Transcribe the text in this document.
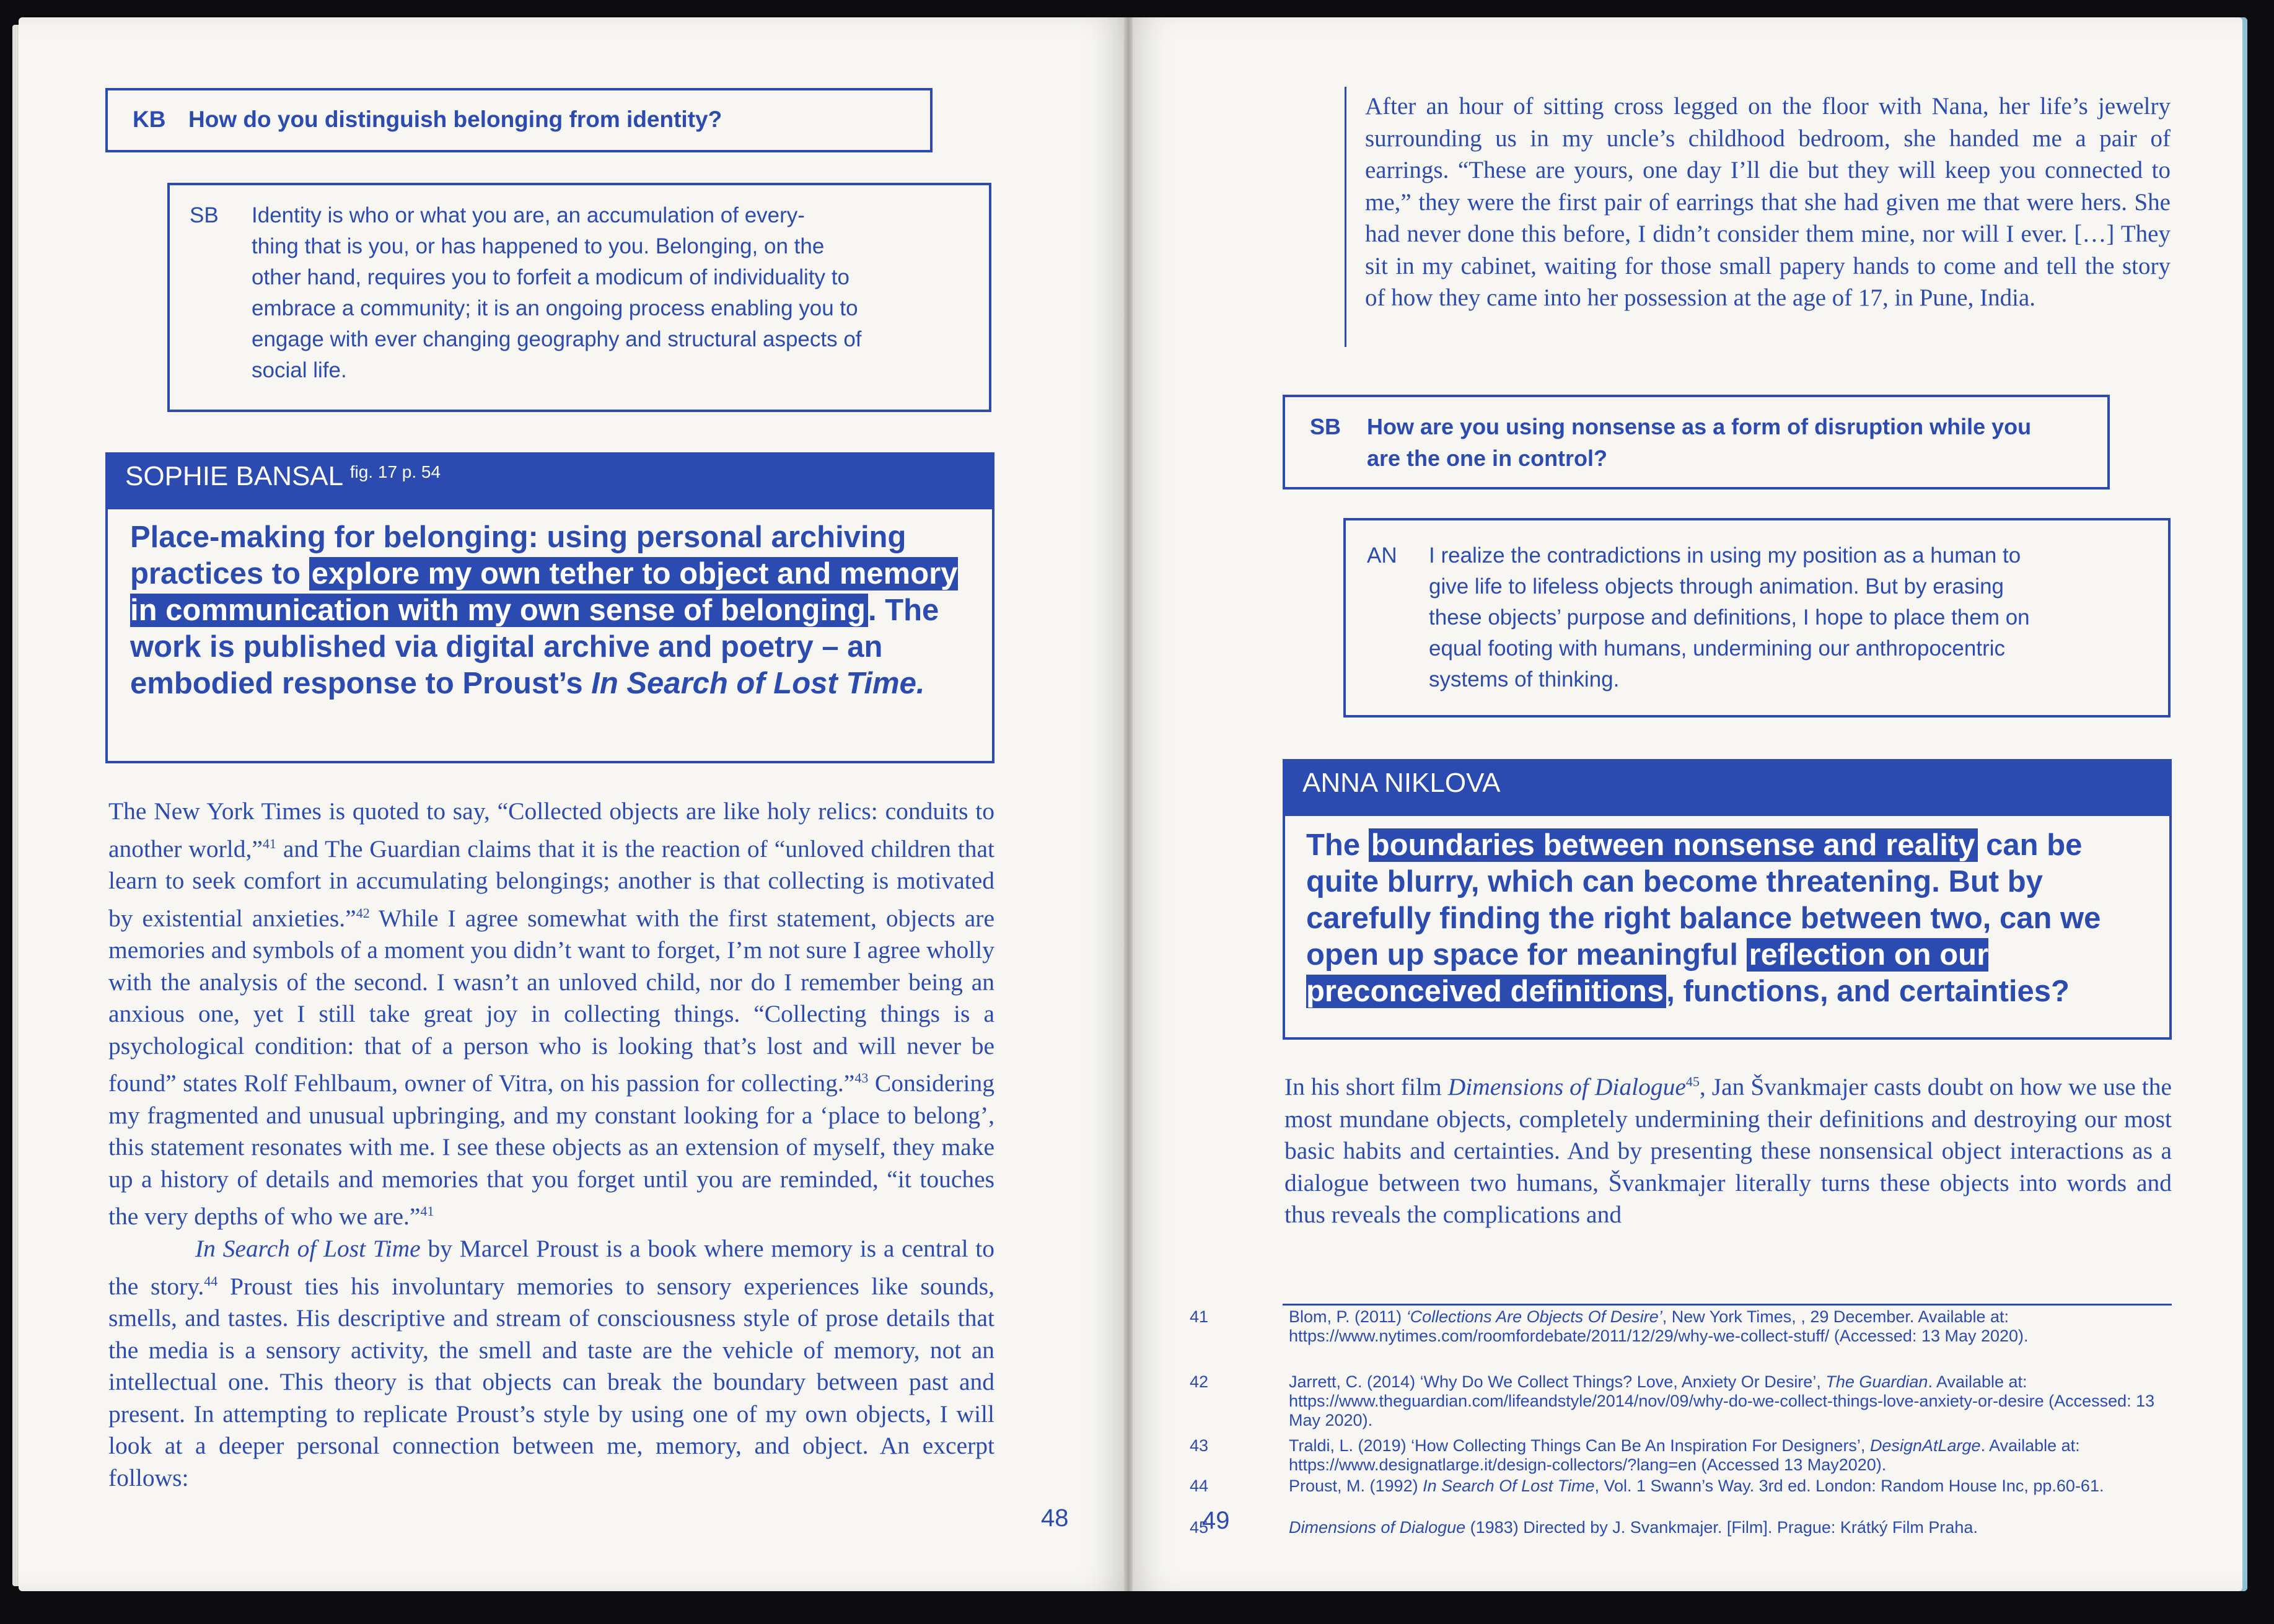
KB How do you distinguish belonging from identity?
SB	Identity is who or what you are, an accumulation of every-
thing that is you, or has happened to you. Belonging, on the
other hand, requires you to forfeit a modicum of individuality to
embrace a community; it is an ongoing process enabling you to
engage with ever changing geography and structural aspects of
social life.
SOPHIE BANSAL $^{fig. 17 p. 54}$
Place-making for belonging: using personal archiving practices to explore my own tether to object and memory in communication with my own sense of belonging. The work is published via digital archive and poetry – an embodied response to Proust’s In Search of Lost Time.

The New York Times is quoted to say, “Collected objects are like holy relics: conduits to another world,”$^{41}$ and The Guardian claims that it is the reaction of “unloved children that learn to seek comfort in accumulating belongings; another is that collecting is motivated by existential anxieties.”$^{42}$ While I agree somewhat with the first statement, objects are memories and symbols of a moment you didn’t want to forget, I’m not sure I agree wholly with the analysis of the second. I wasn’t an unloved child, nor do I remember being an anxious one, yet I still take great joy in collecting things. “Collecting things is a psychological condition: that of a person who is looking that’s lost and will never be found” states Rolf Fehlbaum, owner of Vitra, on his passion for collecting.”$^{43}$ Considering my fragmented and unusual upbringing, and my constant looking for a ‘place to belong’, this statement resonates with me. I see these objects as an extension of myself, they make up a history of details and memories that you forget until you are reminded, “it touches the very depths of who we are.”$^{41}$

In Search of Lost Time by Marcel Proust is a book where memory is a central to the story.$^{44}$ Proust ties his involuntary memories to sensory experiences like sounds, smells, and tastes. His descriptive and stream of consciousness style of prose details that the media is a sensory activity, the smell and taste are the vehicle of memory, not an intellectual one. This theory is that objects can break the boundary between past and present. In attempting to replicate Proust’s style by using one of my own objects, I will look at a deeper personal connection between me, memory, and object. An excerpt follows:

48

After an hour of sitting cross legged on the floor with Nana, her life’s jewelry surrounding us in my uncle’s childhood bedroom, she handed me a pair of earrings. “These are yours, one day I’ll die but they will keep you connected to me,” they were the first pair of earrings that she had given me that were hers. She had never done this before, I didn’t consider them mine, nor will I ever. […] They sit in my cabinet, waiting for those small papery hands to come and tell the story of how they came into her possession at the age of 17, in Pune, India.

SB	How are you using nonsense as a form of disruption while you
are the one in control?
AN	I realize the contradictions in using my position as a human to
give life to lifeless objects through animation. But by erasing
these objects’ purpose and definitions, I hope to place them on
equal footing with humans, undermining our anthropocentric
systems of thinking.
ANNA NIKLOVA
The boundaries between nonsense and reality can be quite blurry, which can become threatening. But by carefully finding the right balance between two, can we open up space for meaningful reflection on our preconceived definitions, functions, and certainties?

In his short film Dimensions of Dialogue$^{45}$, Jan Švankmajer casts doubt on how we use the most mundane objects, completely undermining their definitions and destroying our most basic habits and certainties. And by presenting these nonsensical object interactions as a dialogue between two humans, Švankmajer literally turns these objects into words and thus reveals the complications and

41	Blom, P. (2011) ‘Collections Are Objects Of Desire’, New York Times, , 29 December. Available at: https://www.nytimes.com/roomfordebate/2011/12/29/why-we-collect-stuff/ (Accessed: 13 May 2020).
42	Jarrett, C. (2014) ‘Why Do We Collect Things? Love, Anxiety Or Desire’, The Guardian. Available at: https://www.theguardian.com/lifeandstyle/2014/nov/09/why-do-we-collect-things-love-anxiety-or-desire (Accessed: 13 May 2020).
43	Traldi, L. (2019) ‘How Collecting Things Can Be An Inspiration For Designers’, DesignAtLarge. Available at: https://www.designatlarge.it/design-collectors/?lang=en (Accessed 13 May2020).
44	Proust, M. (1992) In Search Of Lost Time, Vol. 1 Swann’s Way. 3rd ed. London: Random House Inc, pp.60-61.
45	Dimensions of Dialogue (1983) Directed by J. Svankmajer. [Film]. Prague: Krátký Film Praha.
49
